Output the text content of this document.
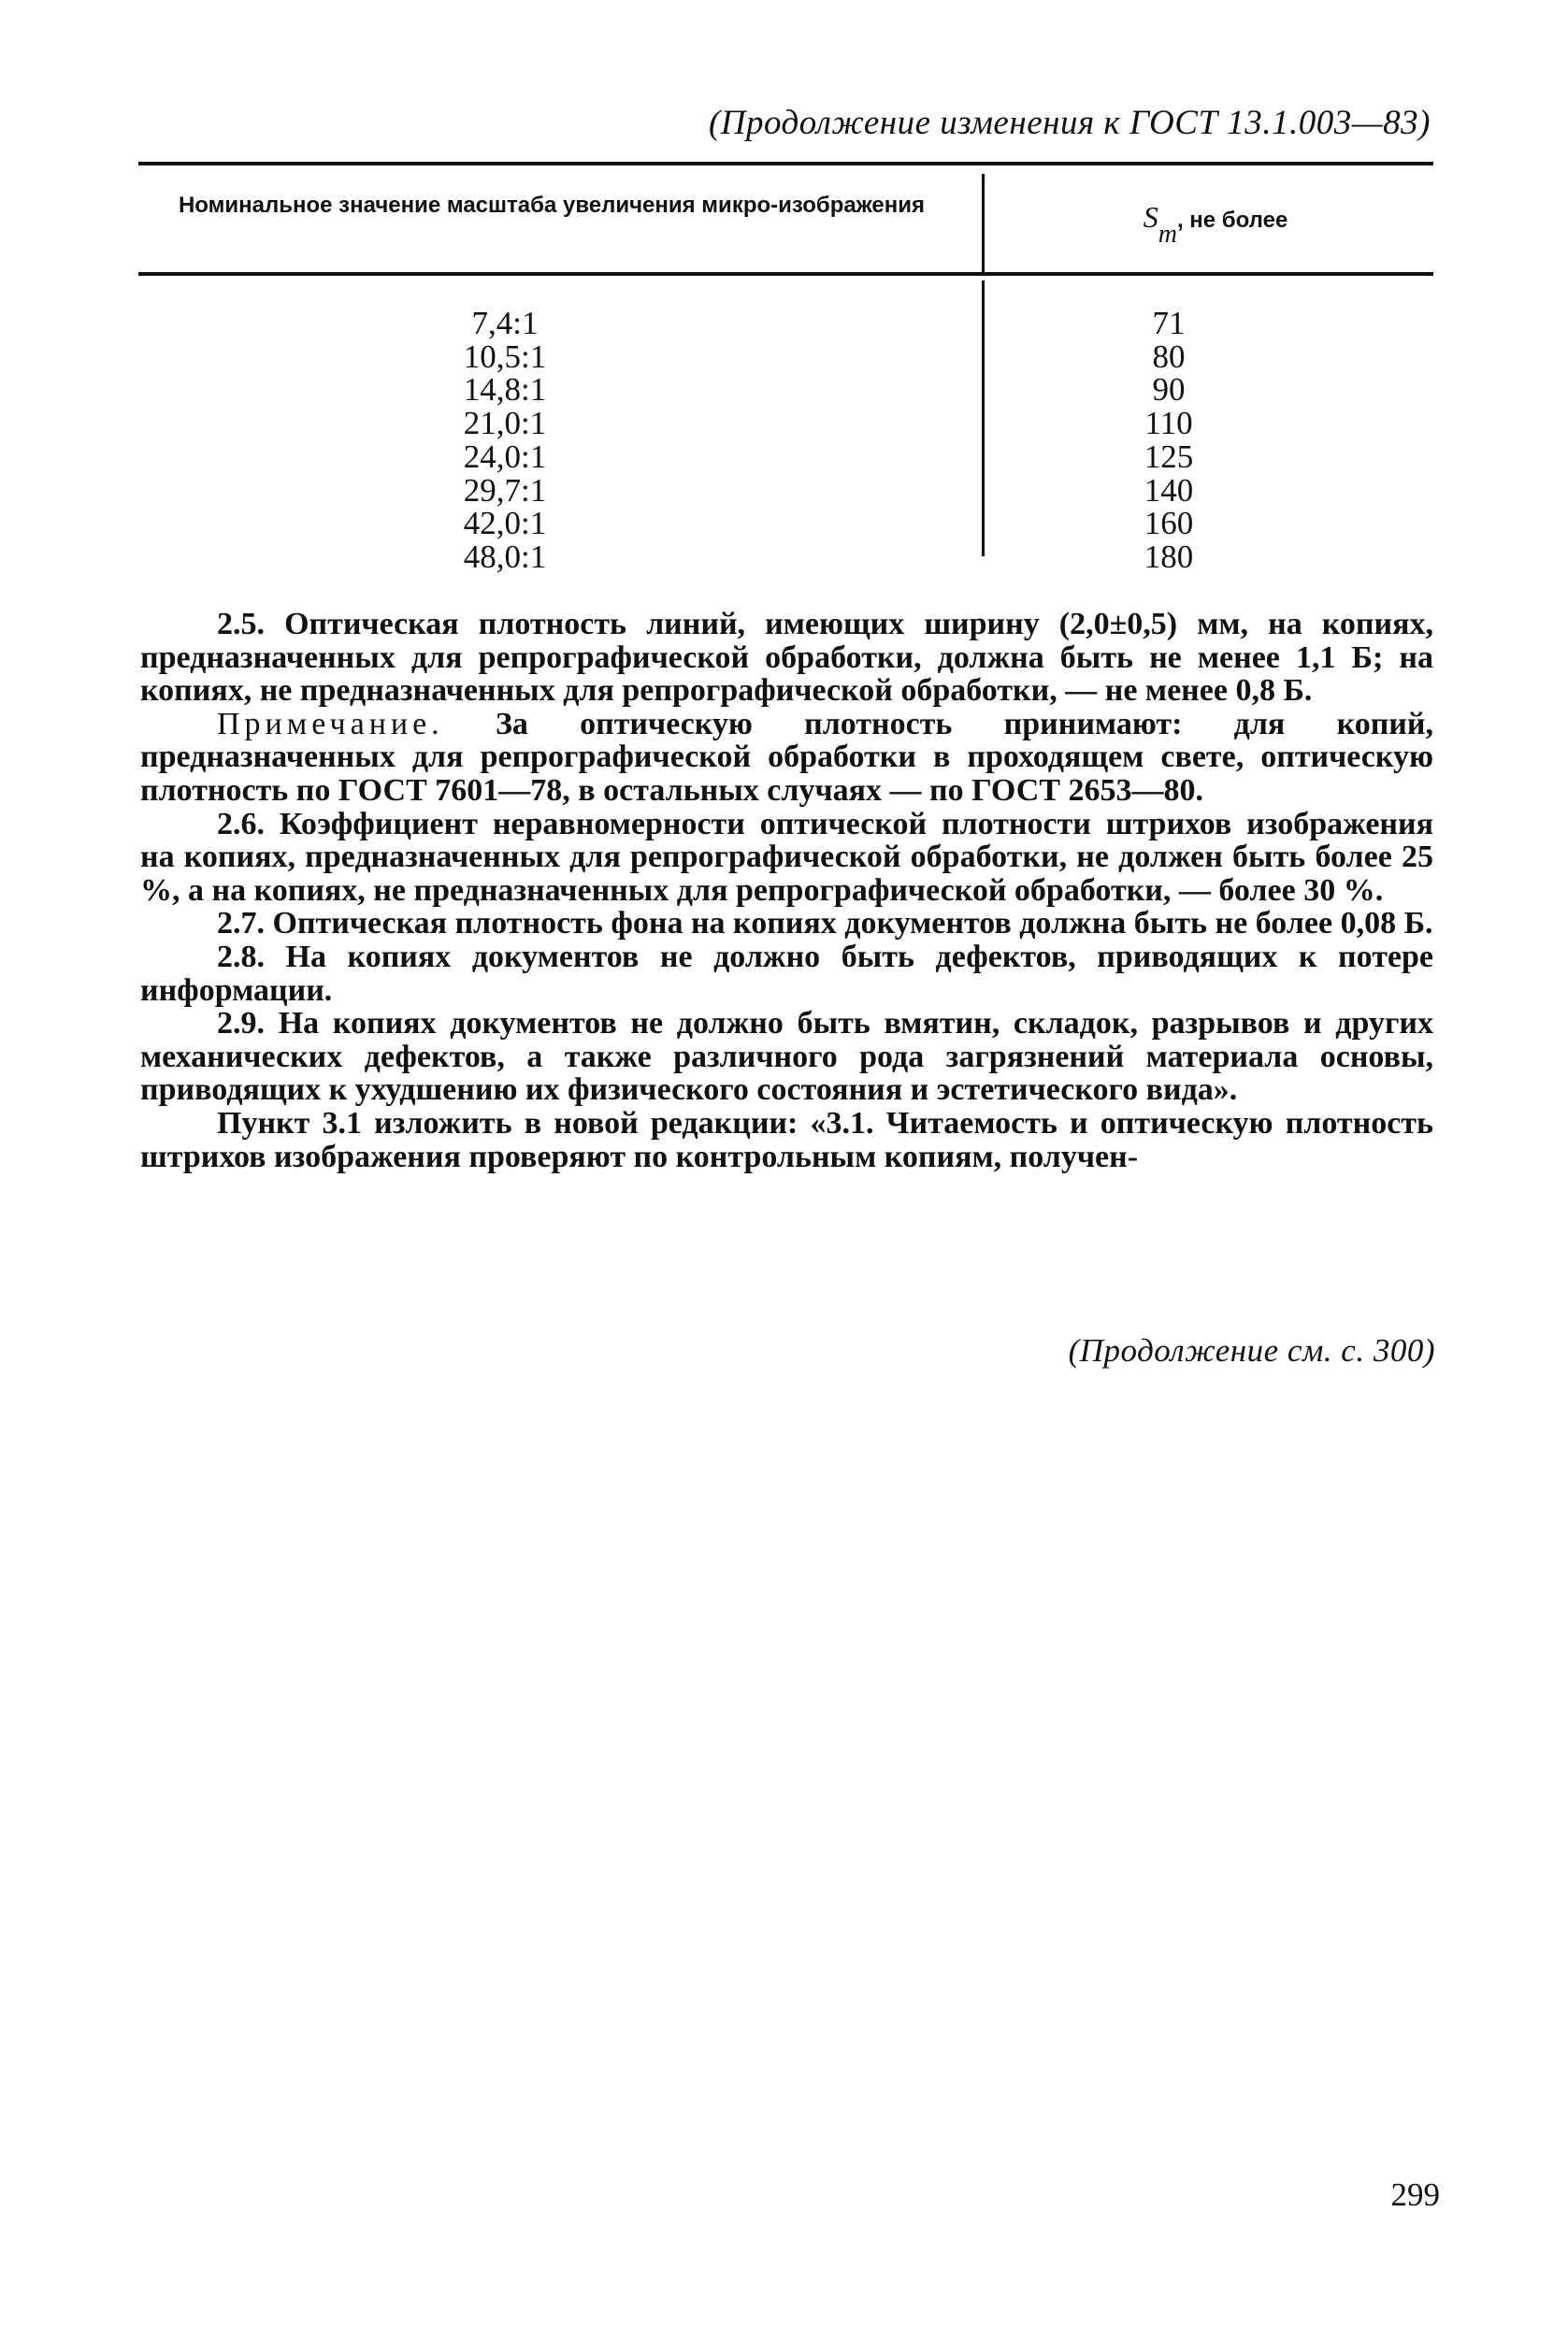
(Продолжение изменения к ГОСТ 13.1.003—83)
Номинальное значение масштаба увеличения микро-изображения	Sm, не более
7,4:1
10,5:1
14,8:1
21,0:1
24,0:1
29,7:1
42,0:1
48,0:1
71
80
90
110
125
140
160
180

2.5. Оптическая плотность линий, имеющих ширину (2,0±0,5) мм, на копиях, предназначенных для репрографической обработки, должна быть не менее 1,1 Б; на копиях, не предназначенных для репрографической обработки, — не менее 0,8 Б.

Примечание. За оптическую плотность принимают: для копий, предназначенных для репрографической обработки в проходящем свете, оптическую плотность по ГОСТ 7601—78, в остальных случаях — по ГОСТ 2653—80.

2.6. Коэффициент неравномерности оптической плотности штрихов изображения на копиях, предназначенных для репрографической обработки, не должен быть более 25 %, а на копиях, не предназначенных для репрографической обработки, — более 30 %.

2.7. Оптическая плотность фона на копиях документов должна быть не более 0,08 Б.

2.8. На копиях документов не должно быть дефектов, приводящих к потере информации.

2.9. На копиях документов не должно быть вмятин, складок, разрывов и других механических дефектов, а также различного рода загрязнений материала основы, приводящих к ухудшению их физического состояния и эстетического вида».

Пункт 3.1 изложить в новой редакции: «3.1. Читаемость и оптическую плотность штрихов изображения проверяют по контрольным копиям, получен-

(Продолжение см. с. 300)
299
